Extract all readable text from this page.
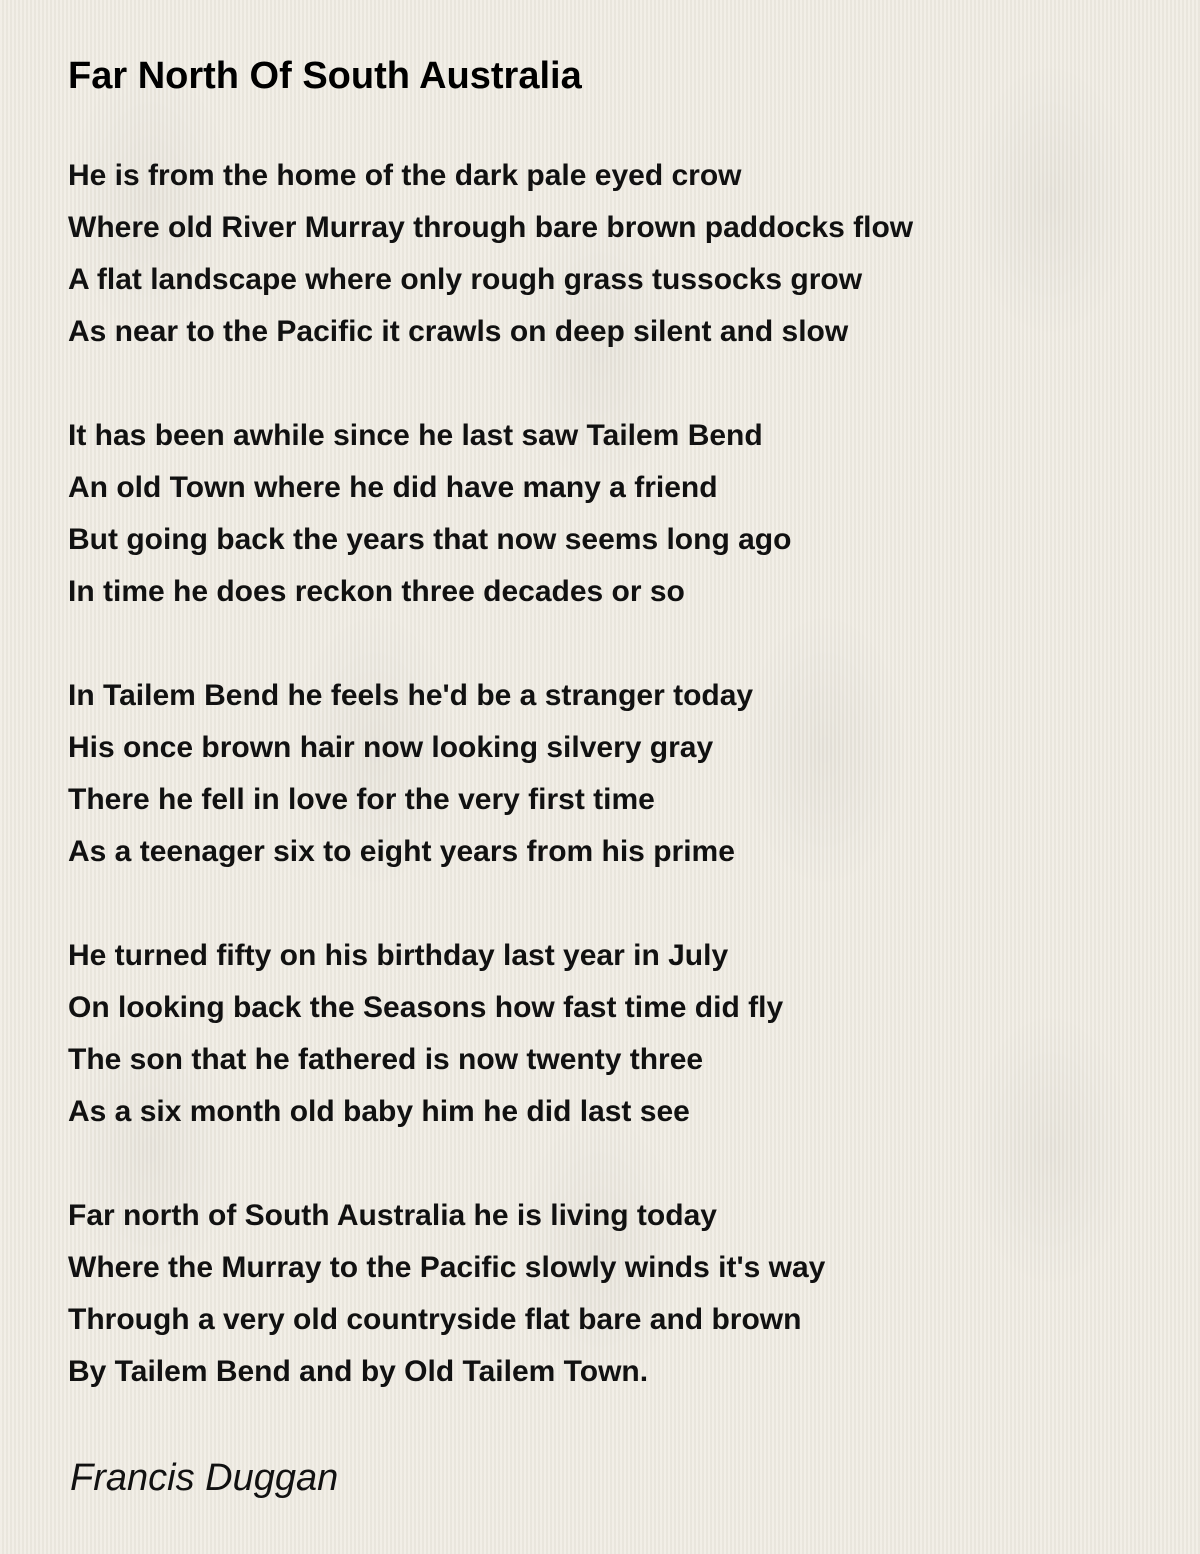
Far North Of South Australia
He is from the home of the dark pale eyed crow
Where old River Murray through bare brown paddocks flow
A flat landscape where only rough grass tussocks grow
As near to the Pacific it crawls on deep silent and slow
It has been awhile since he last saw Tailem Bend
An old Town where he did have many a friend
But going back the years that now seems long ago
In time he does reckon three decades or so
In Tailem Bend he feels he'd be a stranger today
His once brown hair now looking silvery gray
There he fell in love for the very first time
As a teenager six to eight years from his prime
He turned fifty on his birthday last year in July
On looking back the Seasons how fast time did fly
The son that he fathered is now twenty three
As a six month old baby him he did last see
Far north of South Australia he is living today
Where the Murray to the Pacific slowly winds it's way
Through a very old countryside flat bare and brown
By Tailem Bend and by Old Tailem Town.

Francis Duggan
